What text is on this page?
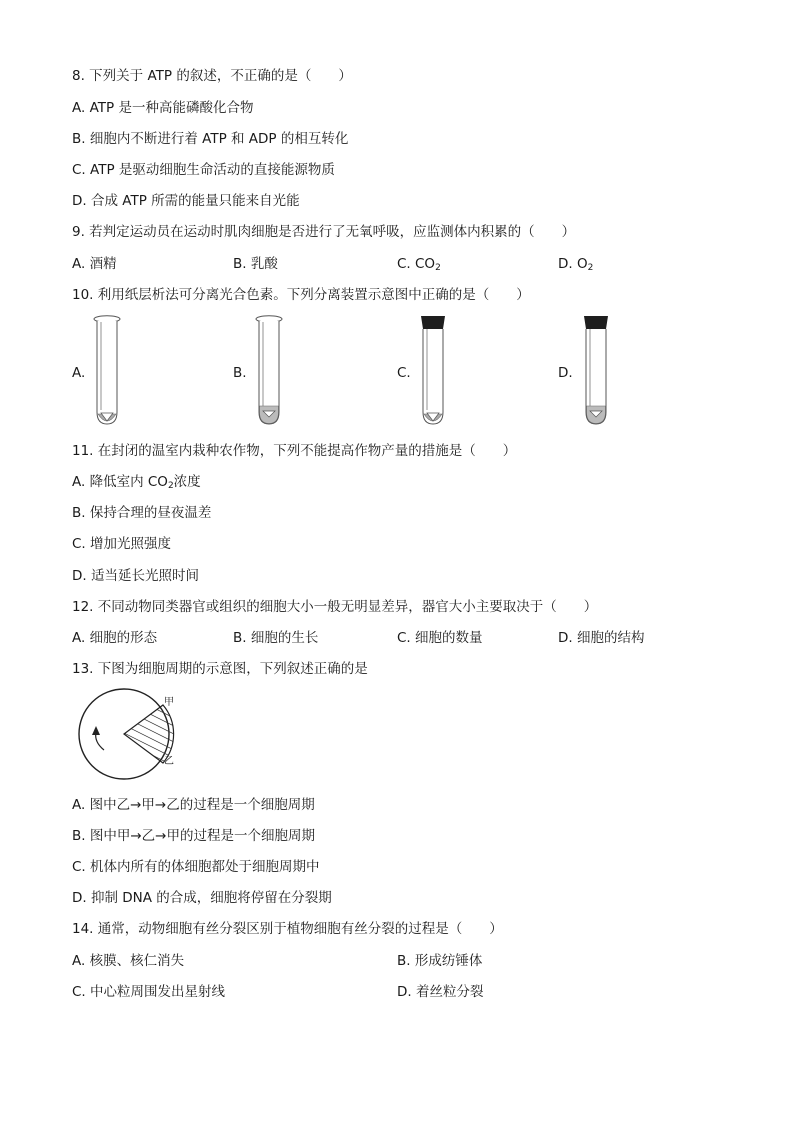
8. 下列关于 ATP 的叙述，不正确的是（　　）
A. ATP 是一种高能磷酸化合物
B. 细胞内不断进行着 ATP 和 ADP 的相互转化
C. ATP 是驱动细胞生命活动的直接能源物质
D. 合成 ATP 所需的能量只能来自光能
9. 若判定运动员在运动时肌肉细胞是否进行了无氧呼吸，应监测体内积累的（　　）
A. 酒精	B. 乳酸	C. $CO_2$	D. $O_2$
10. 利用纸层析法可分离光合色素。下列分离装置示意图中正确的是（　　）
A.	B.	C.	D.
11. 在封闭的温室内栽种农作物，下列不能提高作物产量的措施是（　　）
A. 降低室内 $CO_2$浓度
B. 保持合理的昼夜温差
C. 增加光照强度
D. 适当延长光照时间
12. 不同动物同类器官或组织的细胞大小一般无明显差异，器官大小主要取决于（　　）
A. 细胞的形态	B. 细胞的生长	C. 细胞的数量	D. 细胞的结构
13. 下图为细胞周期的示意图，下列叙述正确的是
甲
乙
A. 图中乙→甲→乙的过程是一个细胞周期
B. 图中甲→乙→甲的过程是一个细胞周期
C. 机体内所有的体细胞都处于细胞周期中
D. 抑制 DNA 的合成，细胞将停留在分裂期
14. 通常，动物细胞有丝分裂区别于植物细胞有丝分裂的过程是（　　）
A. 核膜、核仁消失	B. 形成纺锤体
C. 中心粒周围发出星射线	D. 着丝粒分裂
